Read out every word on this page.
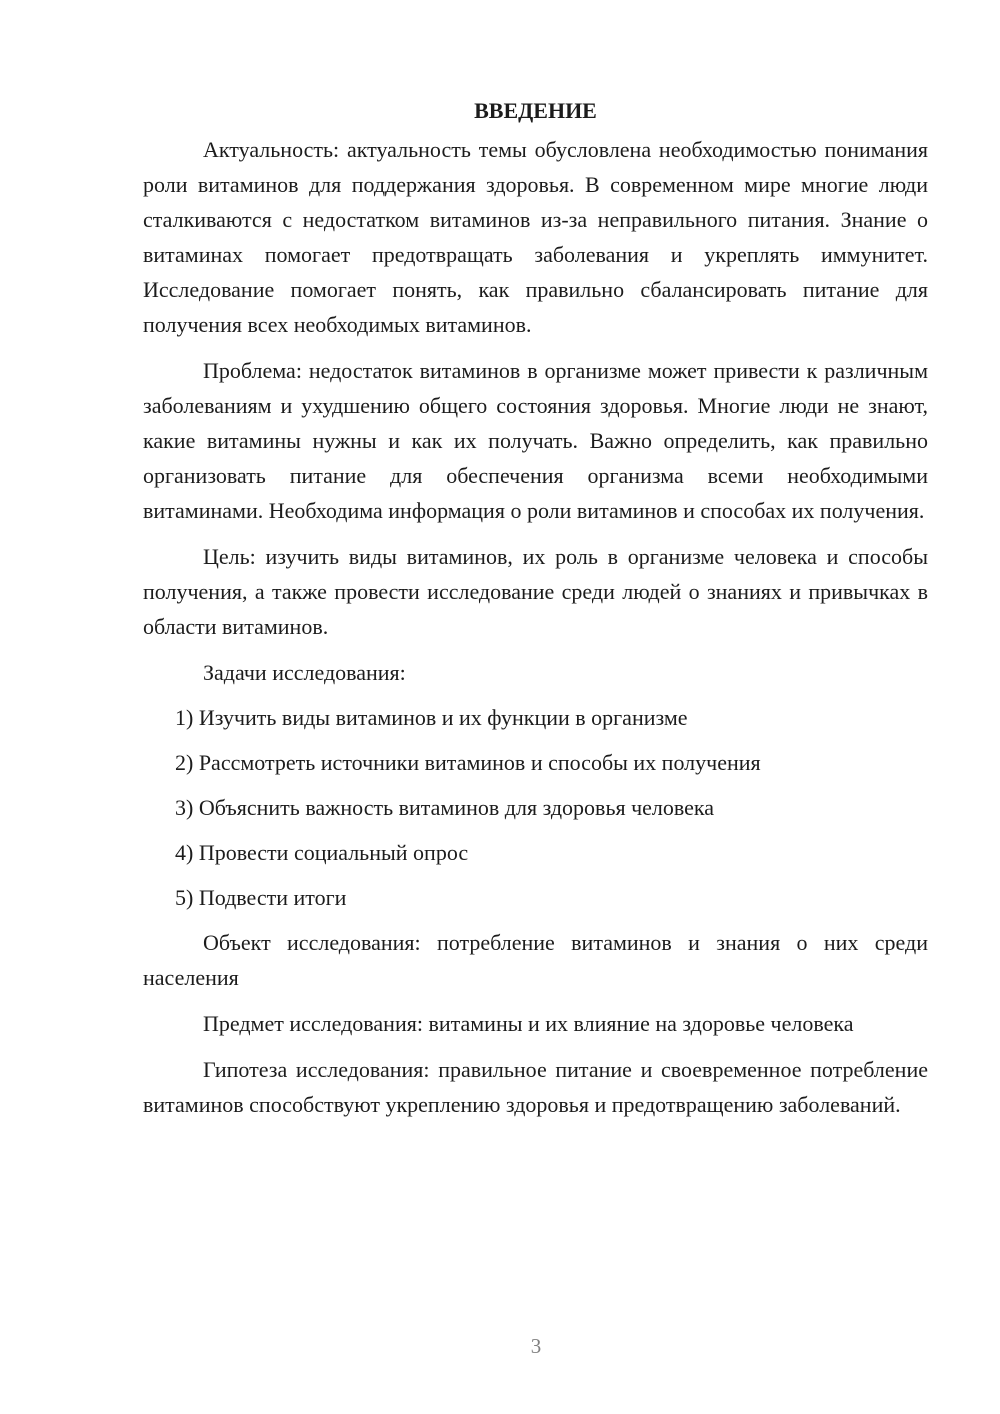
ВВЕДЕНИЕ

Актуальность: актуальность темы обусловлена необходимостью понимания роли витаминов для поддержания здоровья. В современном мире многие люди сталкиваются с недостатком витаминов из-за неправильного питания. Знание о витаминах помогает предотвращать заболевания и укреплять иммунитет. Исследование помогает понять, как правильно сбалансировать питание для получения всех необходимых витаминов.

Проблема: недостаток витаминов в организме может привести к различным заболеваниям и ухудшению общего состояния здоровья. Многие люди не знают, какие витамины нужны и как их получать. Важно определить, как правильно организовать питание для обеспечения организма всеми необходимыми витаминами. Необходима информация о роли витаминов и способах их получения.

Цель: изучить виды витаминов, их роль в организме человека и способы получения, а также провести исследование среди людей о знаниях и привычках в области витаминов.

Задачи исследования:

1) Изучить виды витаминов и их функции в организме
2) Рассмотреть источники витаминов и способы их получения
3) Объяснить важность витаминов для здоровья человека
4) Провести социальный опрос
5) Подвести итоги

Объект исследования: потребление витаминов и знания о них среди населения

Предмет исследования: витамины и их влияние на здоровье человека

Гипотеза исследования: правильное питание и своевременное потребление витаминов способствуют укреплению здоровья и предотвращению заболеваний.

3
